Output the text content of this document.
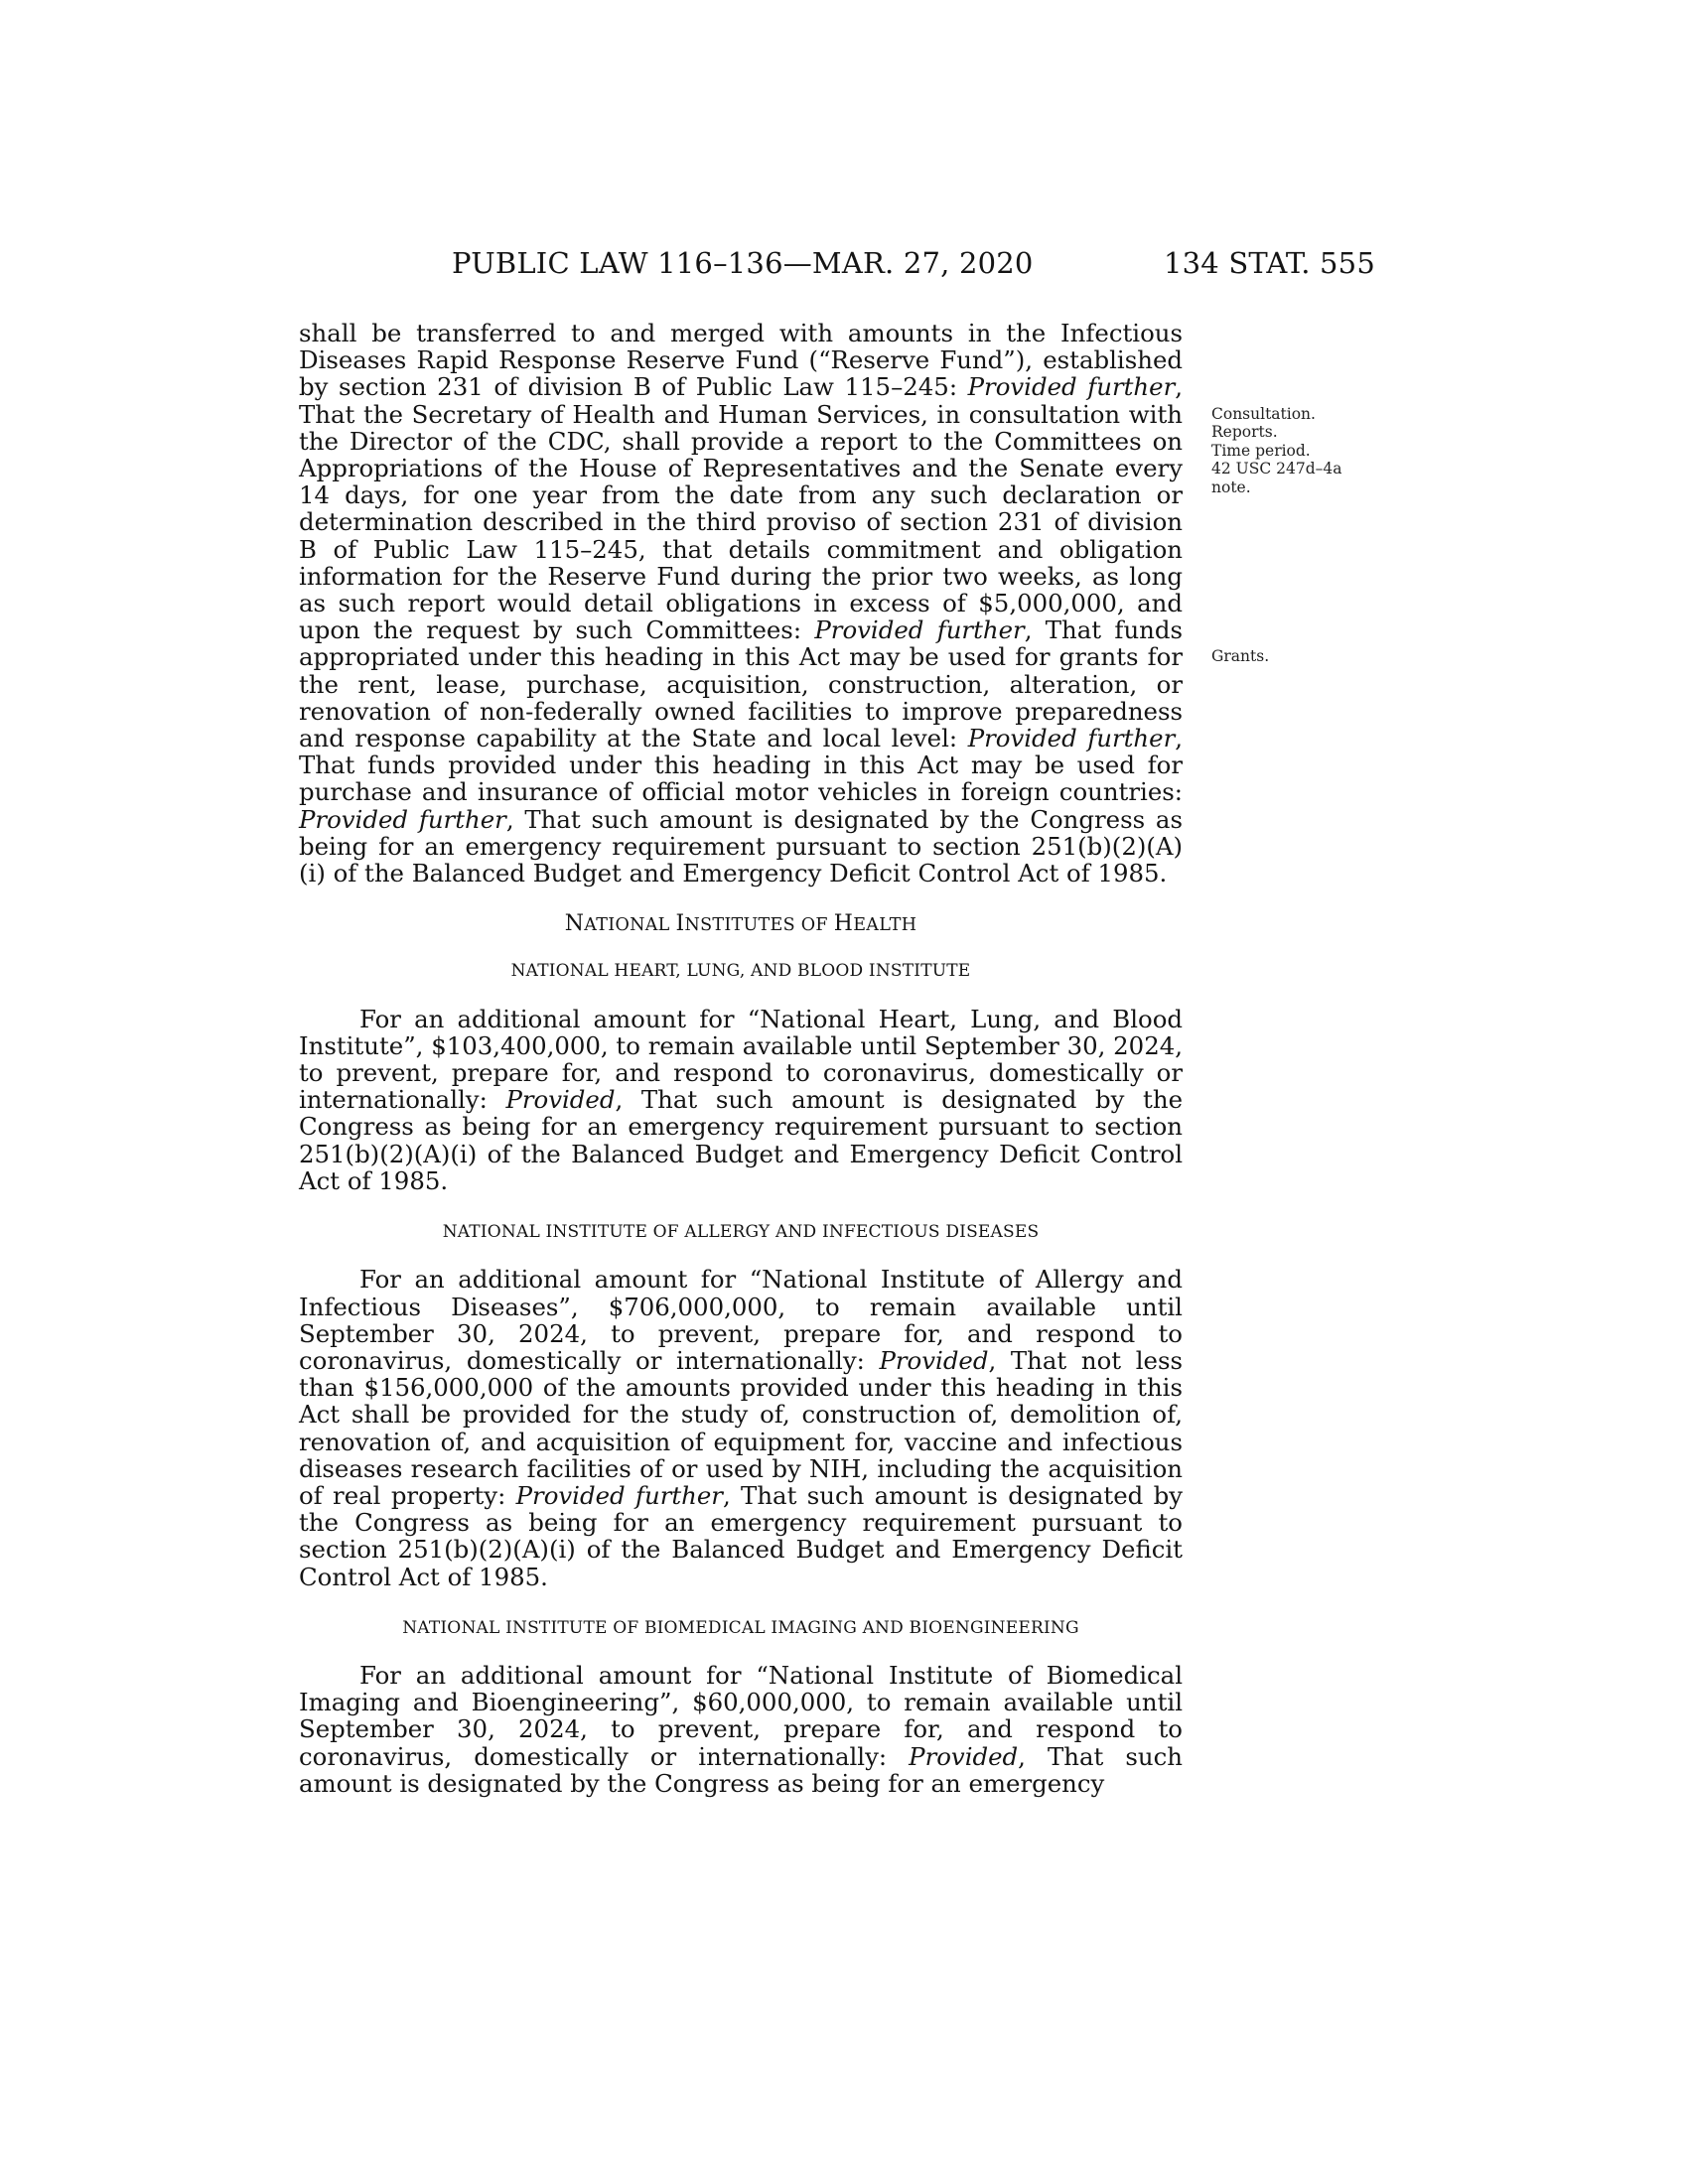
PUBLIC LAW 116–136—MAR. 27, 2020	134 STAT. 555

shall be transferred to and merged with amounts in the Infectious Diseases Rapid Response Reserve Fund (“Reserve Fund”), established by section 231 of division B of Public Law 115–245: Provided further, That the Secretary of Health and Human Services, in consultation with the Director of the CDC, shall provide a report to the Committees on Appropriations of the House of Representatives and the Senate every 14 days, for one year from the date from any such declaration or determination described in the third proviso of section 231 of division B of Public Law 115–245, that details commitment and obligation information for the Reserve Fund during the prior two weeks, as long as such report would detail obligations in excess of $5,000,000, and upon the request by such Committees: Provided further, That funds appropriated under this heading in this Act may be used for grants for the rent, lease, purchase, acquisition, construction, alteration, or renovation of non-federally owned facilities to improve preparedness and response capability at the State and local level: Provided further, That funds provided under this heading in this Act may be used for purchase and insurance of official motor vehicles in foreign countries: Provided further, That such amount is designated by the Congress as being for an emergency requirement pursuant to section 251(b)(2)(A)(i) of the Balanced Budget and Emergency Deficit Control Act of 1985.

NATIONAL INSTITUTES OF HEALTH
NATIONAL HEART, LUNG, AND BLOOD INSTITUTE

For an additional amount for “National Heart, Lung, and Blood Institute”, $103,400,000, to remain available until September 30, 2024, to prevent, prepare for, and respond to coronavirus, domestically or internationally: Provided, That such amount is designated by the Congress as being for an emergency requirement pursuant to section 251(b)(2)(A)(i) of the Balanced Budget and Emergency Deficit Control Act of 1985.

NATIONAL INSTITUTE OF ALLERGY AND INFECTIOUS DISEASES

For an additional amount for “National Institute of Allergy and Infectious Diseases”, $706,000,000, to remain available until September 30, 2024, to prevent, prepare for, and respond to coronavirus, domestically or internationally: Provided, That not less than $156,000,000 of the amounts provided under this heading in this Act shall be provided for the study of, construction of, demolition of, renovation of, and acquisition of equipment for, vaccine and infectious diseases research facilities of or used by NIH, including the acquisition of real property: Provided further, That such amount is designated by the Congress as being for an emergency requirement pursuant to section 251(b)(2)(A)(i) of the Balanced Budget and Emergency Deficit Control Act of 1985.

NATIONAL INSTITUTE OF BIOMEDICAL IMAGING AND BIOENGINEERING

For an additional amount for “National Institute of Biomedical Imaging and Bioengineering”, $60,000,000, to remain available until September 30, 2024, to prevent, prepare for, and respond to coronavirus, domestically or internationally: Provided, That such amount is designated by the Congress as being for an emergency

Consultation.
Reports.
Time period.
42 USC 247d–4a
note.
Grants.
